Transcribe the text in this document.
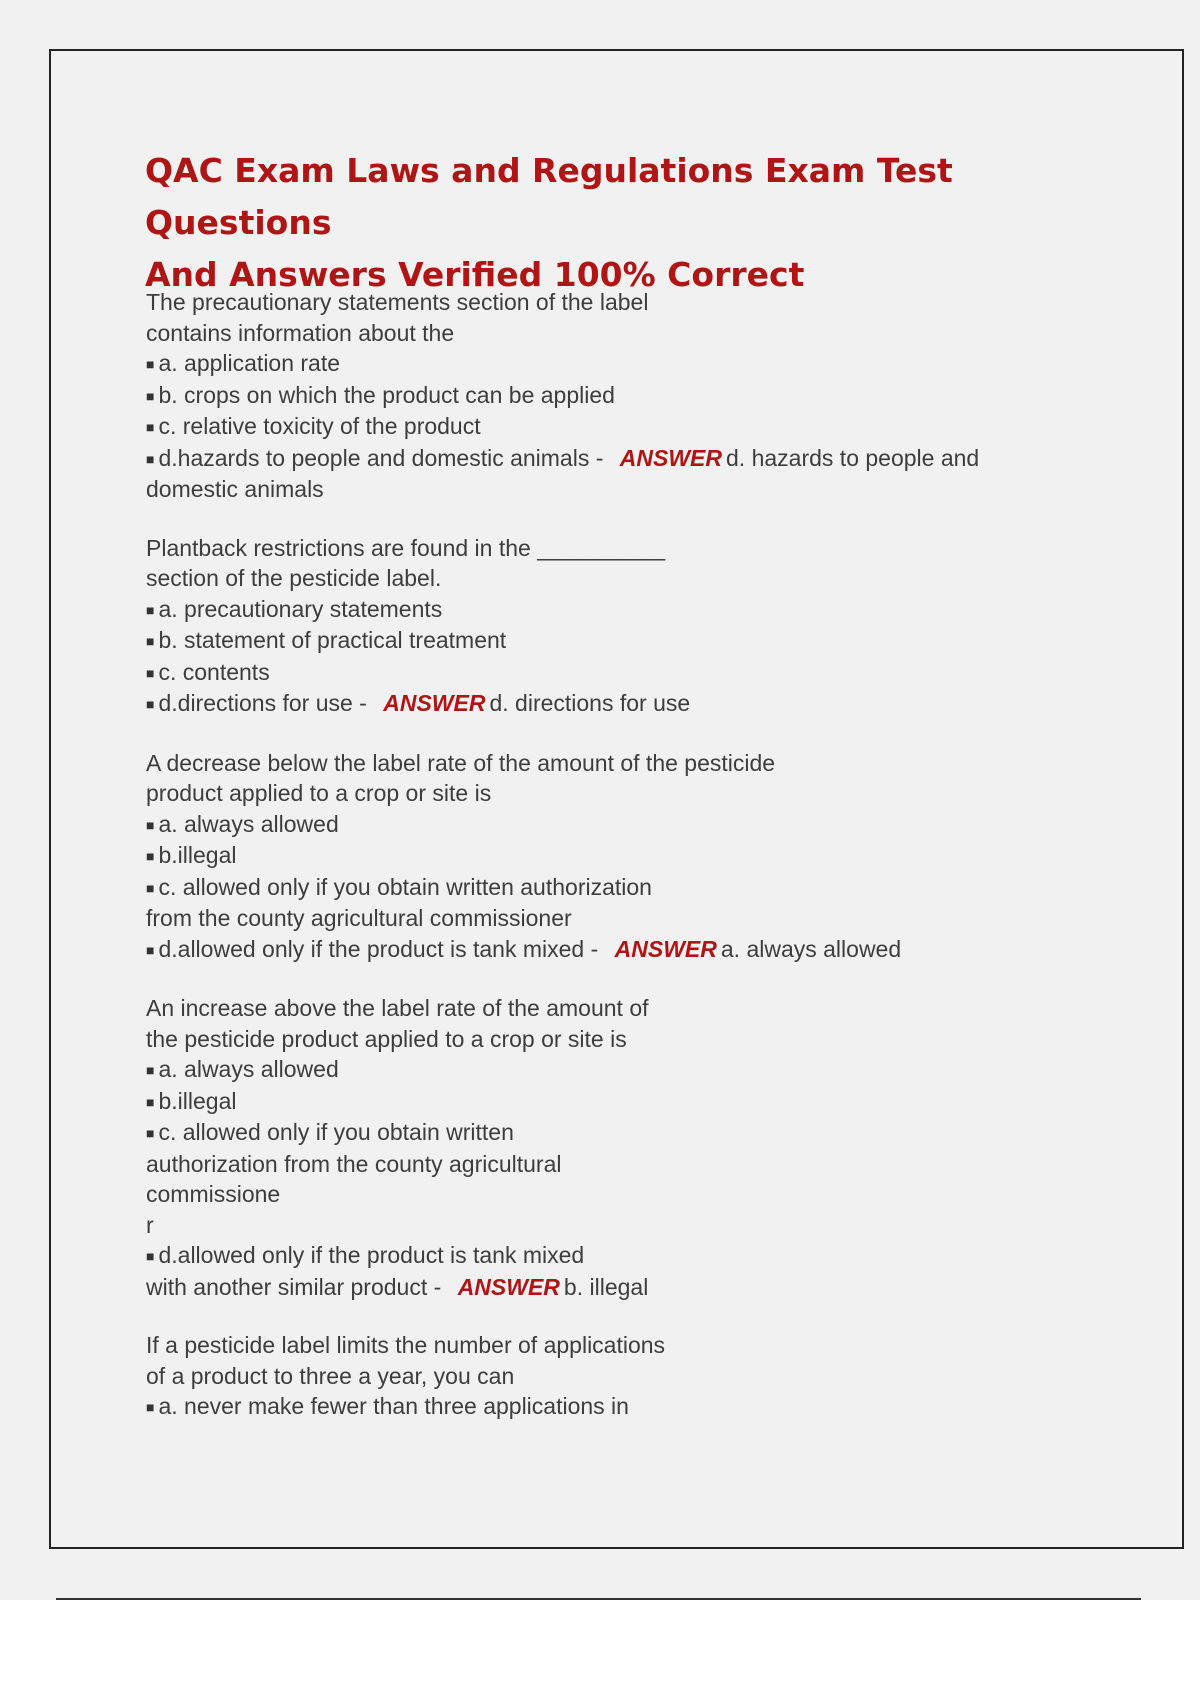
QAC Exam Laws and Regulations Exam Test Questions
And Answers Verified 100% Correct
The precautionary statements section of the label
contains information about the
■ a. application rate
■ b. crops on which the product can be applied
■ c. relative toxicity of the product
■ d.hazards to people and domestic animals - ANSWER d. hazards to people and
domestic animals
Plantback restrictions are found in the __________
section of the pesticide label.
■ a. precautionary statements
■ b. statement of practical treatment
■ c. contents
■ d.directions for use - ANSWER d. directions for use
A decrease below the label rate of the amount of the pesticide
product applied to a crop or site is
■ a. always allowed
■ b.illegal
■ c. allowed only if you obtain written authorization
from the county agricultural commissioner
■ d.allowed only if the product is tank mixed - ANSWER a. always allowed
An increase above the label rate of the amount of
the pesticide product applied to a crop or site is
■ a. always allowed
■ b.illegal
■ c. allowed only if you obtain written
authorization from the county agricultural
commissione
r
■ d.allowed only if the product is tank mixed
with another similar product - ANSWER b. illegal
If a pesticide label limits the number of applications
of a product to three a year, you can
■ a. never make fewer than three applications in
